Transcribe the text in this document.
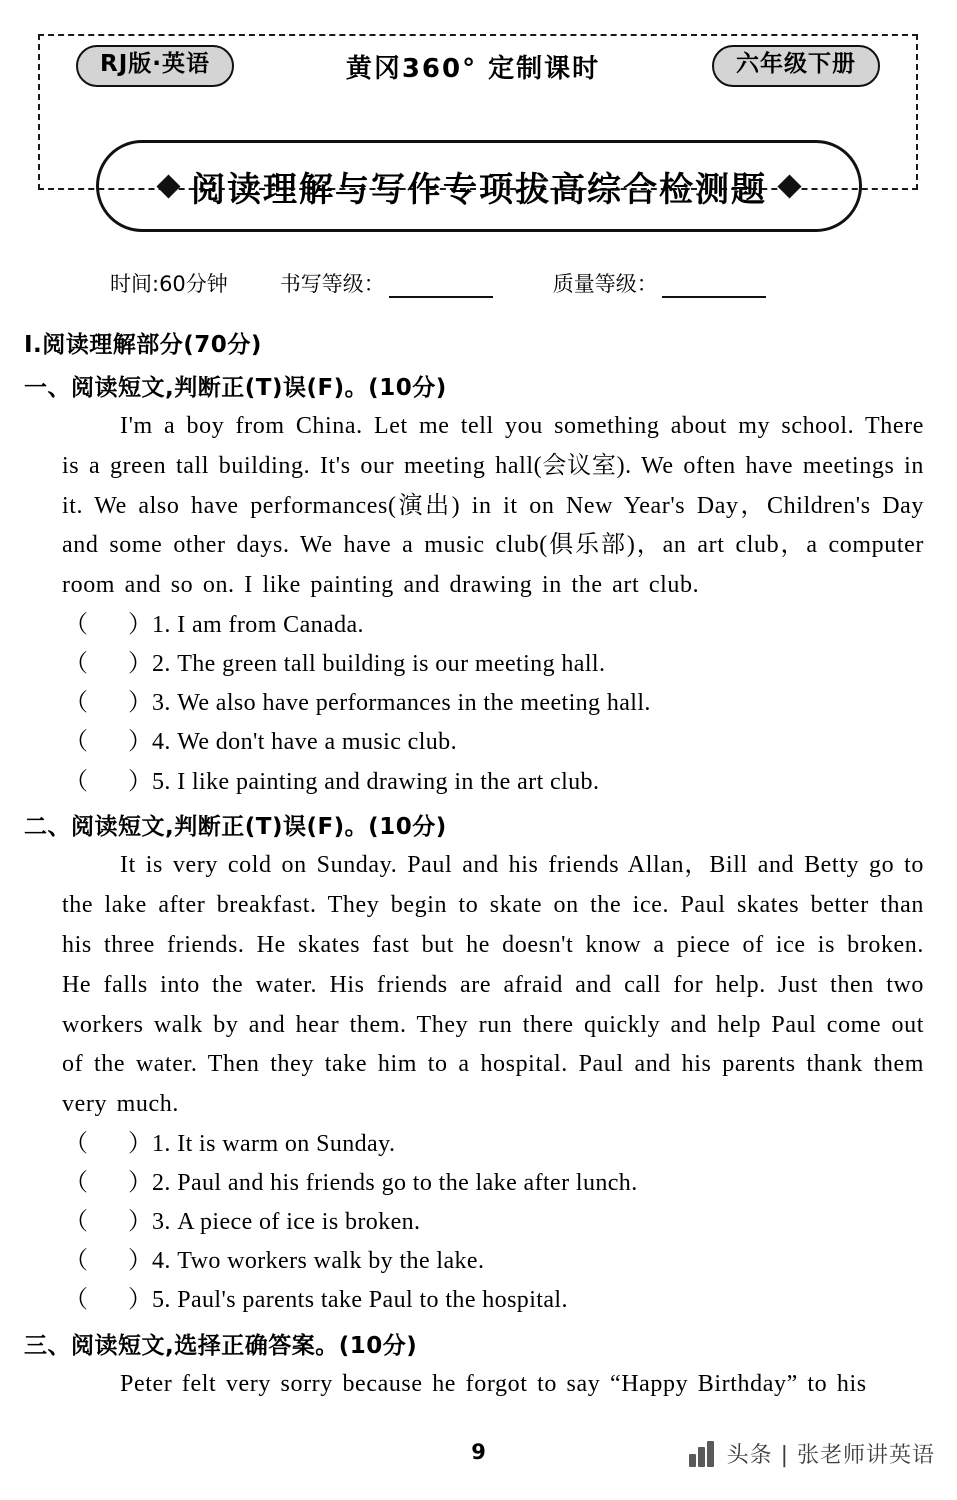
RJ版·英语	黄冈360° 定制课时	六年级下册
阅读理解与写作专项拔高综合检测题
时间:60分钟 书写等级：	质量等级：
Ⅰ.阅读理解部分(70分)
一、阅读短文,判断正(T)误(F)。(10分)

I'm a boy from China. Let me tell you something about my school. There is a green tall building. It's our meeting hall(会议室). We often have meetings in it. We also have performances(演出) in it on New Year's Day，Children's Day and some other days. We have a music club(俱乐部)，an art club，a computer room and so on. I like painting and drawing in the art club.

（ ）1. I am from Canada.
（ ）2. The green tall building is our meeting hall.
（ ）3. We also have performances in the meeting hall.
（ ）4. We don't have a music club.
（ ）5. I like painting and drawing in the art club.
二、阅读短文,判断正(T)误(F)。(10分)

It is very cold on Sunday. Paul and his friends Allan，Bill and Betty go to the lake after breakfast. They begin to skate on the ice. Paul skates better than his three friends. He skates fast but he doesn't know a piece of ice is broken. He falls into the water. His friends are afraid and call for help. Just then two workers walk by and hear them. They run there quickly and help Paul come out of the water. Then they take him to a hospital. Paul and his parents thank them very much.

（ ）1. It is warm on Sunday.
（ ）2. Paul and his friends go to the lake after lunch.
（ ）3. A piece of ice is broken.
（ ）4. Two workers walk by the lake.
（ ）5. Paul's parents take Paul to the hospital.
三、阅读短文,选择正确答案。(10分)

Peter felt very sorry because he forgot to say “Happy Birthday” to his

9	头条 | 张老师讲英语
